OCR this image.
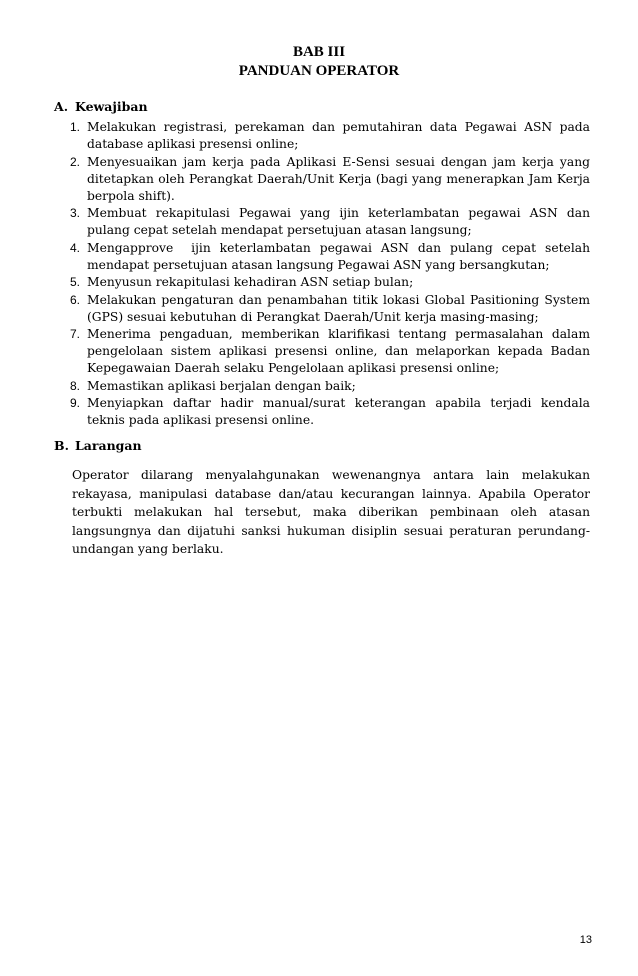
BAB III
PANDUAN OPERATOR
A. Kewajiban
1. Melakukan registrasi, perekaman dan pemutahiran data Pegawai ASN pada database aplikasi presensi online;
2. Menyesuaikan jam kerja pada Aplikasi E-Sensi sesuai dengan jam kerja yang ditetapkan oleh Perangkat Daerah/Unit Kerja (bagi yang menerapkan Jam Kerja berpola shift).
3. Membuat rekapitulasi Pegawai yang ijin keterlambatan pegawai ASN dan pulang cepat setelah mendapat persetujuan atasan langsung;
4. Mengapprove  ijin keterlambatan pegawai ASN dan pulang cepat setelah mendapat persetujuan atasan langsung Pegawai ASN yang bersangkutan;
5. Menyusun rekapitulasi kehadiran ASN setiap bulan;
6. Melakukan pengaturan dan penambahan titik lokasi Global Pasitioning System (GPS) sesuai kebutuhan di Perangkat Daerah/Unit kerja masing-masing;
7. Menerima pengaduan, memberikan klarifikasi tentang permasalahan dalam pengelolaan sistem aplikasi presensi online, dan melaporkan kepada Badan Kepegawaian Daerah selaku Pengelolaan aplikasi presensi online;
8. Memastikan aplikasi berjalan dengan baik;
9. Menyiapkan daftar hadir manual/surat keterangan apabila terjadi kendala teknis pada aplikasi presensi online.
B. Larangan

Operator dilarang menyalahgunakan wewenangnya antara lain melakukan rekayasa, manipulasi database dan/atau kecurangan lainnya. Apabila Operator terbukti melakukan hal tersebut, maka diberikan pembinaan oleh atasan langsungnya dan dijatuhi sanksi hukuman disiplin sesuai peraturan perundang-undangan yang berlaku.

13
